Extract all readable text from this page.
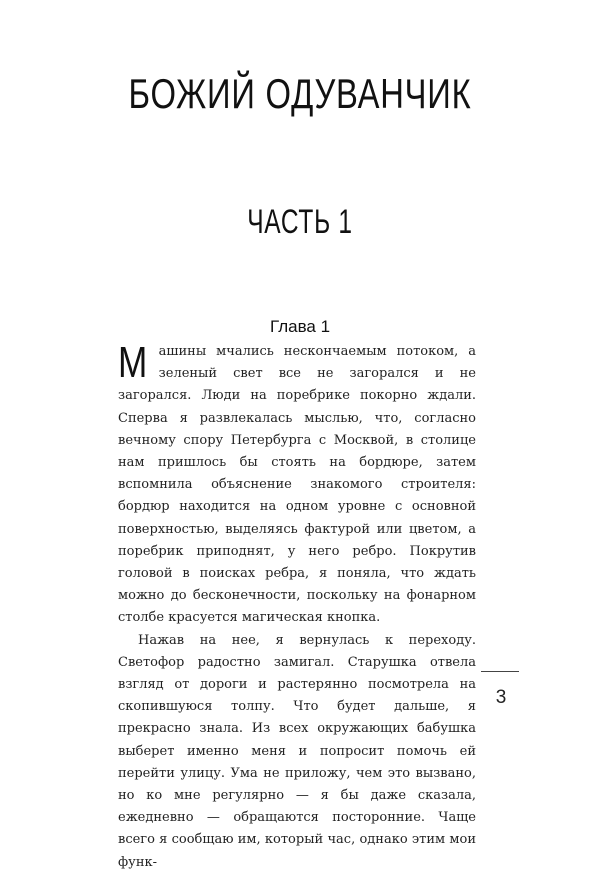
БОЖИЙ ОДУВАНЧИК
ЧАСТЬ 1
Глава 1

Машины мчались нескончаемым потоком, а зеленый свет все не загорался и не загорался. Люди на поребрике покорно ждали. Сперва я развлекалась мыслью, что, согласно вечному спору Петербурга с Москвой, в столице нам пришлось бы стоять на бордюре, затем вспомнила объяснение знакомого строителя: бордюр находится на одном уровне с основной поверхностью, выделяясь фактурой или цветом, а поребрик приподнят, у него ребро. Покрутив головой в поисках ребра, я поняла, что ждать можно до бесконечности, поскольку на фонарном столбе красуется магическая кнопка.

Нажав на нее, я вернулась к переходу. Светофор радостно замигал. Старушка отвела взгляд от дороги и растерянно посмотрела на скопившуюся толпу. Что будет дальше, я прекрасно знала. Из всех окружающих бабушка выберет именно меня и попросит помочь ей перейти улицу. Ума не приложу, чем это вызвано, но ко мне регулярно — я бы даже сказала, ежедневно — обращаются посторонние. Чаще всего я сообщаю им, который час, однако этим мои функ-

3
